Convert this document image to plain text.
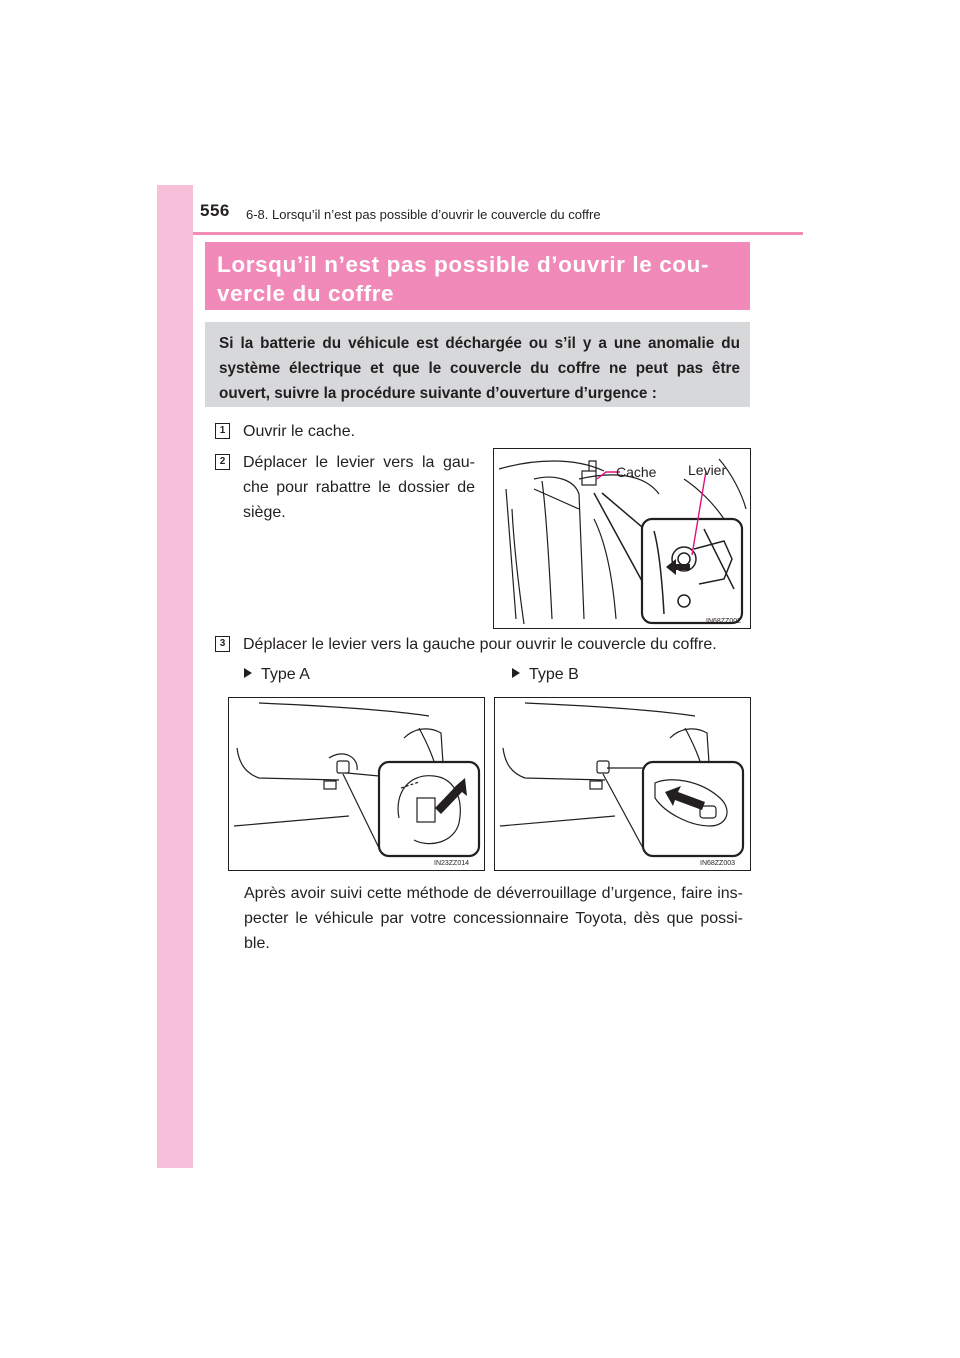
556 6-8. Lorsqu’il n’est pas possible d’ouvrir le couvercle du coffre
Lorsqu’il n’est pas possible d’ouvrir le cou-
vercle du coffre
Si la batterie du véhicule est déchargée ou s’il y a une anomalie du système électrique et que le couvercle du coffre ne peut pas être ouvert, suivre la procédure suivante d’ouverture d’urgence :
1 Ouvrir le cache.
2 Déplacer le levier vers la gau-
che pour rabattre le dossier de
siège.
Cache Levier
IN68ZZ002
3 Déplacer le levier vers la gauche pour ouvrir le couvercle du coffre.
Type A	Type B
IN23ZZ014	IN68ZZ003
Après avoir suivi cette méthode de déverrouillage d’urgence, faire ins-
pecter le véhicule par votre concessionnaire Toyota, dès que possi-
ble.
